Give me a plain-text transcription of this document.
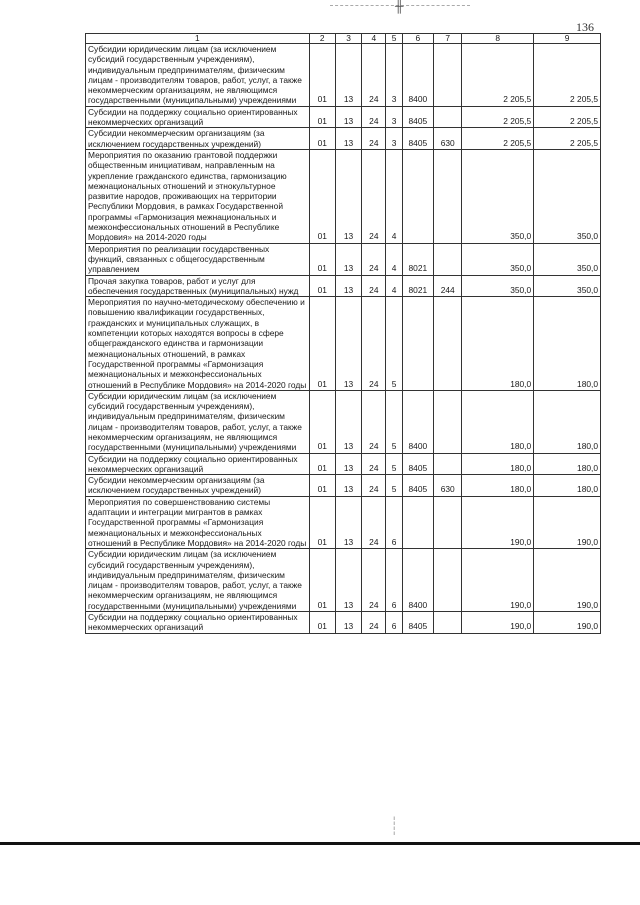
╫
136
1	2	3	4	5	6	7	8	9
Субсидии юридическим лицам (за исключением субсидий государственным учреждениям), индивидуальным предпринимателям, физическим лицам - производителям товаров, работ, услуг, а также некоммерческим организациям, не являющимся государственными (муниципальными) учреждениями	01	13	24	3	8400		2 205,5	2 205,5
Субсидии на поддержку социально ориентированных некоммерческих организаций	01	13	24	3	8405		2 205,5	2 205,5
Субсидии некоммерческим организациям (за исключением государственных учреждений)	01	13	24	3	8405	630	2 205,5	2 205,5
Мероприятия по оказанию грантовой поддержки общественным инициативам, направленным на укрепление гражданского единства, гармонизацию межнациональных отношений и этнокультурное развитие народов, проживающих на территории Республики Мордовия, в рамках Государственной программы «Гармонизация межнациональных и межконфессиональных отношений в Республике Мордовия» на 2014-2020 годы	01	13	24	4			350,0	350,0
Мероприятия по реализации государственных функций, связанных с общегосударственным управлением	01	13	24	4	8021		350,0	350,0
Прочая закупка товаров, работ и услуг для обеспечения государственных (муниципальных) нужд	01	13	24	4	8021	244	350,0	350,0
Мероприятия по научно-методическому обеспечению и повышению квалификации государственных, гражданских и муниципальных служащих, в компетенции которых находятся вопросы в сфере общегражданского единства и гармонизации межнациональных отношений, в рамках Государственной программы «Гармонизация межнациональных и межконфессиональных отношений в Республике Мордовия» на 2014-2020 годы	01	13	24	5			180,0	180,0
Субсидии юридическим лицам (за исключением субсидий государственным учреждениям), индивидуальным предпринимателям, физическим лицам - производителям товаров, работ, услуг, а также некоммерческим организациям, не являющимся государственными (муниципальными) учреждениями	01	13	24	5	8400		180,0	180,0
Субсидии на поддержку социально ориентированных некоммерческих организаций	01	13	24	5	8405		180,0	180,0
Субсидии некоммерческим организациям (за исключением государственных учреждений)	01	13	24	5	8405	630	180,0	180,0
Мероприятия по совершенствованию системы адаптации и интеграции мигрантов в рамках Государственной программы «Гармонизация межнациональных и межконфессиональных отношений в Республике Мордовия» на 2014-2020 годы	01	13	24	6			190,0	190,0
Субсидии юридическим лицам (за исключением субсидий государственным учреждениям), индивидуальным предпринимателям, физическим лицам - производителям товаров, работ, услуг, а также некоммерческим организациям, не являющимся государственными (муниципальными) учреждениями	01	13	24	6	8400		190,0	190,0
Субсидии на поддержку социально ориентированных некоммерческих организаций	01	13	24	6	8405		190,0	190,0
¦
¦
